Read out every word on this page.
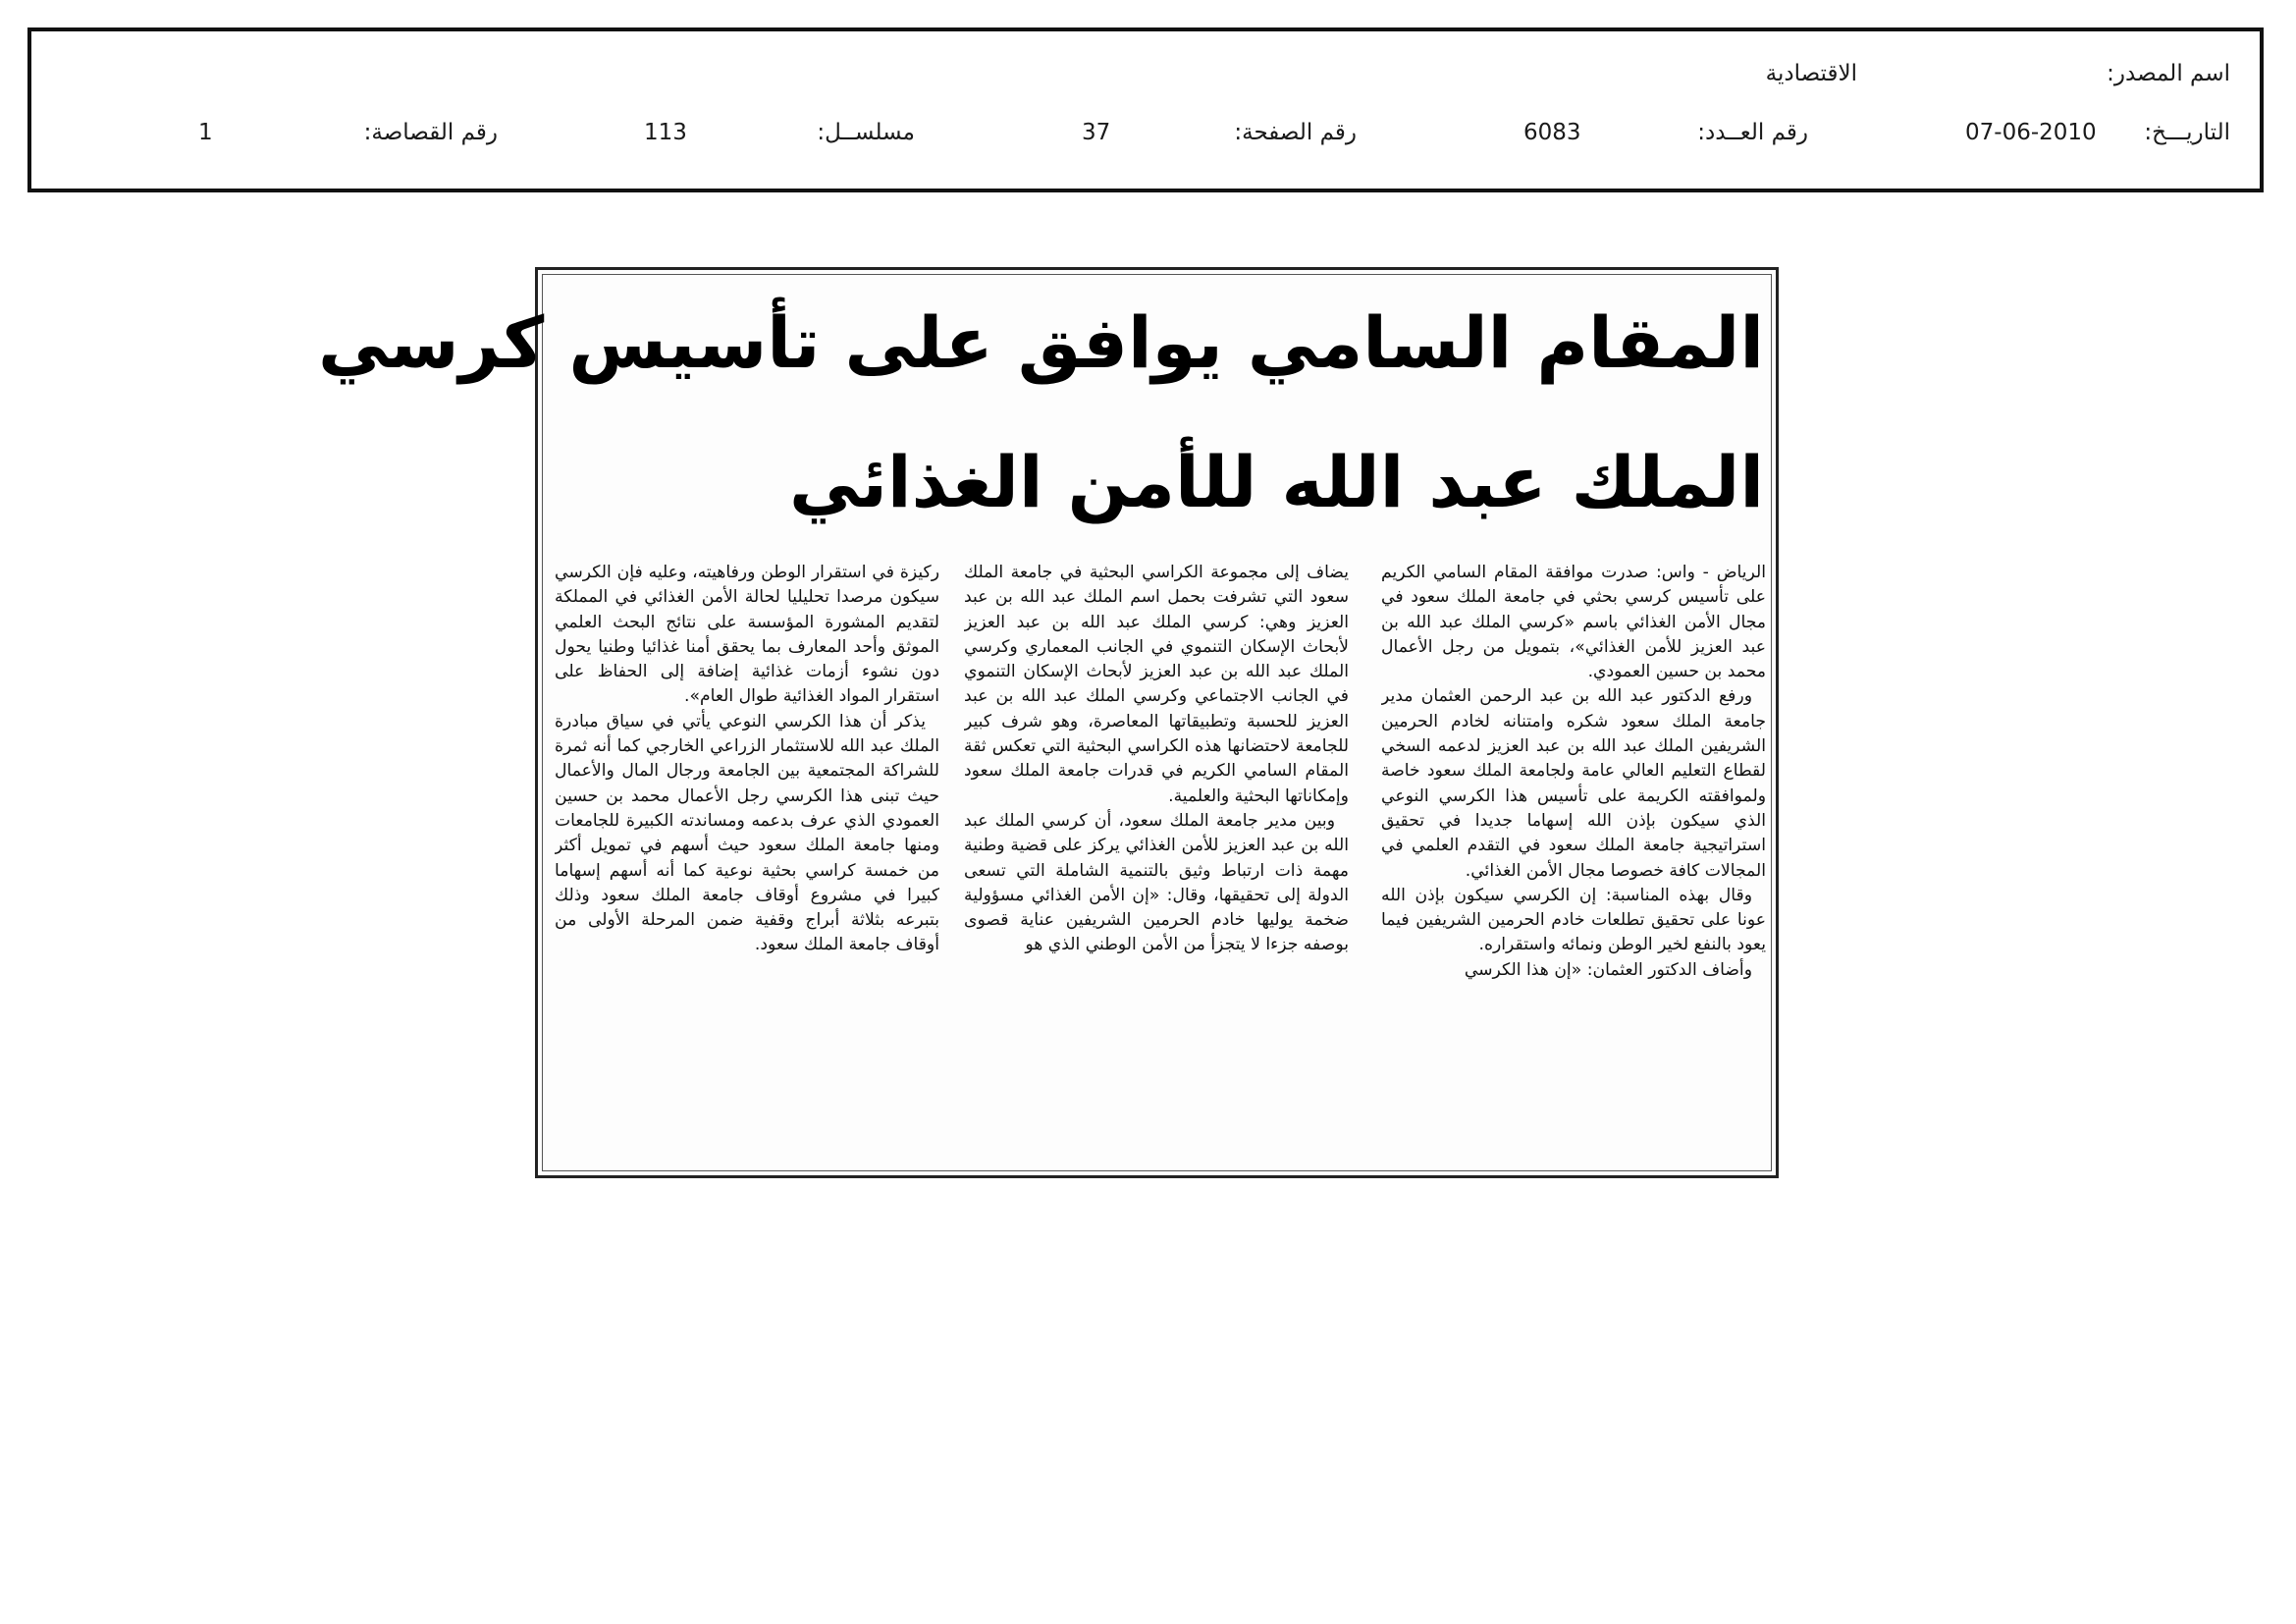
اسم المصدر:
الاقتصادية
التاريـــخ:
07-06-2010
رقم العــدد:
6083
رقم الصفحة:
37
مسلســل:
113
رقم القصاصة:
1
المقام السامي يوافق على تأسيس كرسي
الملك عبد الله للأمن الغذائي

الرياض - واس: صدرت موافقة المقام السامي الكريم على تأسيس كرسي بحثي في جامعة الملك سعود في مجال الأمن الغذائي باسم «كرسي الملك عبد الله بن عبد العزيز للأمن الغذائي»، بتمويل من رجل الأعمال محمد بن حسين العمودي.

ورفع الدكتور عبد الله بن عبد الرحمن العثمان مدير جامعة الملك سعود شكره وامتنانه لخادم الحرمين الشريفين الملك عبد الله بن عبد العزيز لدعمه السخي لقطاع التعليم العالي عامة ولجامعة الملك سعود خاصة ولموافقته الكريمة على تأسيس هذا الكرسي النوعي الذي سيكون بإذن الله إسهاما جديدا في تحقيق استراتيجية جامعة الملك سعود في التقدم العلمي في المجالات كافة خصوصا مجال الأمن الغذائي.

وقال بهذه المناسبة: إن الكرسي سيكون بإذن الله عونا على تحقيق تطلعات خادم الحرمين الشريفين فيما يعود بالنفع لخير الوطن ونمائه واستقراره.

وأضاف الدكتور العثمان: «إن هذا الكرسي

يضاف إلى مجموعة الكراسي البحثية في جامعة الملك سعود التي تشرفت بحمل اسم الملك عبد الله بن عبد العزيز وهي: كرسي الملك عبد الله بن عبد العزيز لأبحاث الإسكان التنموي في الجانب المعماري وكرسي الملك عبد الله بن عبد العزيز لأبحاث الإسكان التنموي في الجانب الاجتماعي وكرسي الملك عبد الله بن عبد العزيز للحسبة وتطبيقاتها المعاصرة، وهو شرف كبير للجامعة لاحتضانها هذه الكراسي البحثية التي تعكس ثقة المقام السامي الكريم في قدرات جامعة الملك سعود وإمكاناتها البحثية والعلمية.

وبين مدير جامعة الملك سعود، أن كرسي الملك عبد الله بن عبد العزيز للأمن الغذائي يركز على قضية وطنية مهمة ذات ارتباط وثيق بالتنمية الشاملة التي تسعى الدولة إلى تحقيقها، وقال: «إن الأمن الغذائي مسؤولية ضخمة يوليها خادم الحرمين الشريفين عناية قصوى بوصفه جزءا لا يتجزأ من الأمن الوطني الذي هو

ركيزة في استقرار الوطن ورفاهيته، وعليه فإن الكرسي سيكون مرصدا تحليليا لحالة الأمن الغذائي في المملكة لتقديم المشورة المؤسسة على نتائج البحث العلمي الموثق وأحد المعارف بما يحقق أمنا غذائيا وطنيا يحول دون نشوء أزمات غذائية إضافة إلى الحفاظ على استقرار المواد الغذائية طوال العام».

يذكر أن هذا الكرسي النوعي يأتي في سياق مبادرة الملك عبد الله للاستثمار الزراعي الخارجي كما أنه ثمرة للشراكة المجتمعية بين الجامعة ورجال المال والأعمال حيث تبنى هذا الكرسي رجل الأعمال محمد بن حسين العمودي الذي عرف بدعمه ومساندته الكبيرة للجامعات ومنها جامعة الملك سعود حيث أسهم في تمويل أكثر من خمسة كراسي بحثية نوعية كما أنه أسهم إسهاما كبيرا في مشروع أوقاف جامعة الملك سعود وذلك بتبرعه بثلاثة أبراج وقفية ضمن المرحلة الأولى من أوقاف جامعة الملك سعود.
